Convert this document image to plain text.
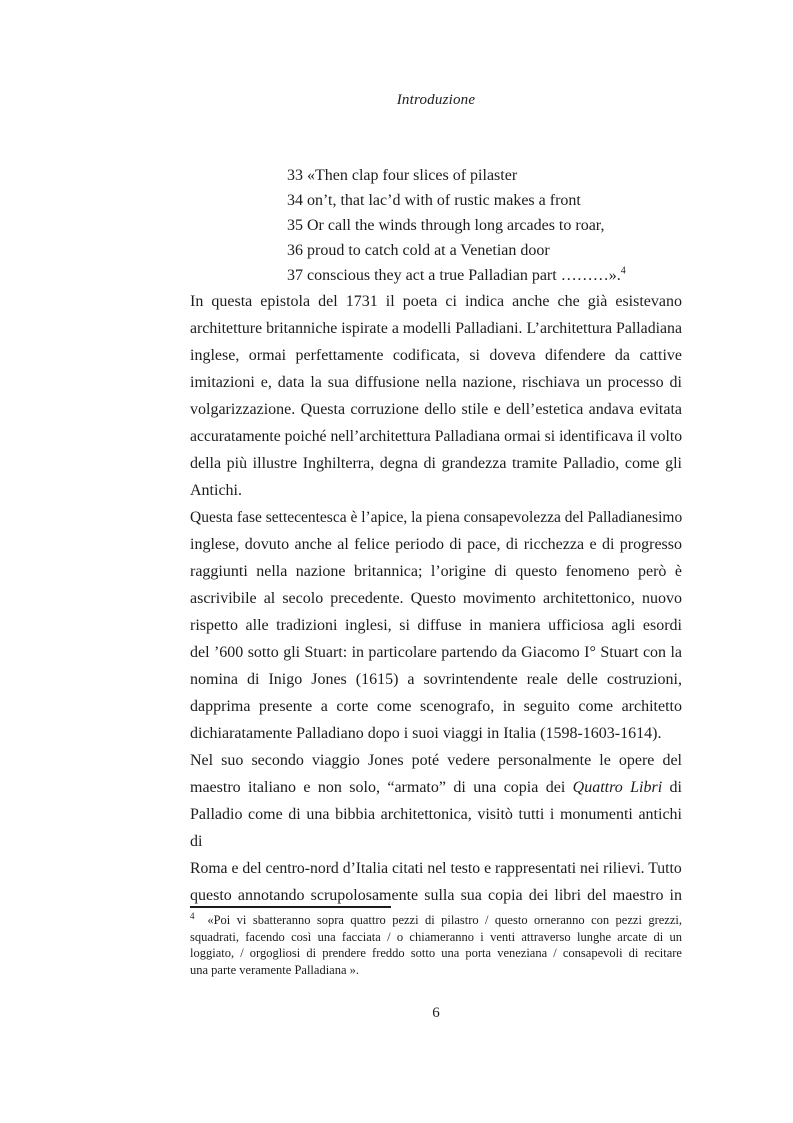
Introduzione
33 «Then clap four slices of pilaster
34 on’t, that lac’d with of rustic makes a front
35 Or call the winds through long arcades to roar,
36 proud to catch cold at a Venetian door
37 conscious they act a true Palladian part ………».$^4$
In questa epistola del 1731 il poeta ci indica anche che già esistevano
architetture britanniche ispirate a modelli Palladiani. L’architettura Palladiana
inglese, ormai perfettamente codificata, si doveva difendere da cattive
imitazioni e, data la sua diffusione nella nazione, rischiava un processo di
volgarizzazione. Questa corruzione dello stile e dell’estetica andava evitata
accuratamente poiché nell’architettura Palladiana ormai si identificava il volto
della più illustre Inghilterra, degna di grandezza tramite Palladio, come gli
Antichi.
Questa fase settecentesca è l’apice, la piena consapevolezza del Palladianesimo
inglese, dovuto anche al felice periodo di pace, di ricchezza e di progresso
raggiunti nella nazione britannica; l’origine di questo fenomeno però è
ascrivibile al secolo precedente. Questo movimento architettonico, nuovo
rispetto alle tradizioni inglesi, si diffuse in maniera ufficiosa agli esordi
del ’600 sotto gli Stuart: in particolare partendo da Giacomo I° Stuart con la
nomina di Inigo Jones (1615) a sovrintendente reale delle costruzioni,
dapprima presente a corte come scenografo, in seguito come architetto
dichiaratamente Palladiano dopo i suoi viaggi in Italia (1598-1603-1614).
Nel suo secondo viaggio Jones poté vedere personalmente le opere del
maestro italiano e non solo, “armato” di una copia dei Quattro Libri di
Palladio come di una bibbia architettonica, visitò tutti i monumenti antichi di
Roma e del centro-nord d’Italia citati nel testo e rappresentati nei rilievi. Tutto
questo annotando scrupolosamente sulla sua copia dei libri del maestro in
$^4$  «Poi vi sbatteranno sopra quattro pezzi di pilastro / questo orneranno con pezzi grezzi,
squadrati, facendo così una facciata / o chiameranno i venti attraverso lunghe arcate di un
loggiato, / orgogliosi di prendere freddo sotto una porta veneziana / consapevoli di recitare
una parte veramente Palladiana ».
6
